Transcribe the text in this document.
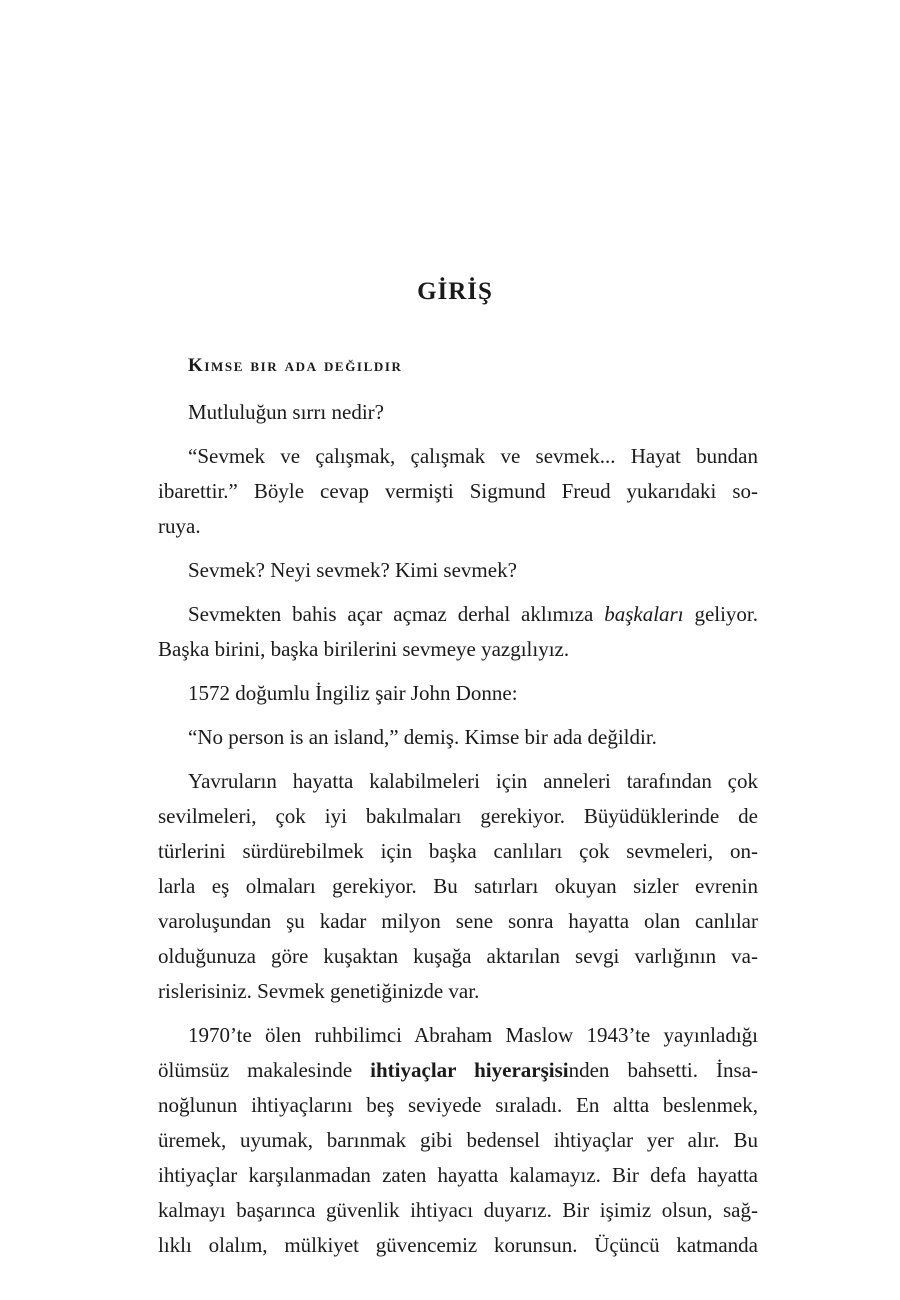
GİRİŞ
Kimse bir ada değildir
Mutluluğun sırrı nedir?
“Sevmek ve çalışmak, çalışmak ve sevmek... Hayat bundan
ibarettir.” Böyle cevap vermişti Sigmund Freud yukarıdaki so-
ruya.
Sevmek? Neyi sevmek? Kimi sevmek?
Sevmekten bahis açar açmaz derhal aklımıza başkaları geliyor.
Başka birini, başka birilerini sevmeye yazgılıyız.
1572 doğumlu İngiliz şair John Donne:
“No person is an island,” demiş. Kimse bir ada değildir.
Yavruların hayatta kalabilmeleri için anneleri tarafından çok
sevilmeleri, çok iyi bakılmaları gerekiyor. Büyüdüklerinde de
türlerini sürdürebilmek için başka canlıları çok sevmeleri, on-
larla eş olmaları gerekiyor. Bu satırları okuyan sizler evrenin
varoluşundan şu kadar milyon sene sonra hayatta olan canlılar
olduğunuza göre kuşaktan kuşağa aktarılan sevgi varlığının va-
rislerisiniz. Sevmek genetiğinizde var.
1970’te ölen ruhbilimci Abraham Maslow 1943’te yayınladığı
ölümsüz makalesinde ihtiyaçlar hiyerarşisinden bahsetti. İnsa-
noğlunun ihtiyaçlarını beş seviyede sıraladı. En altta beslenmek,
üremek, uyumak, barınmak gibi bedensel ihtiyaçlar yer alır. Bu
ihtiyaçlar karşılanmadan zaten hayatta kalamayız. Bir defa hayatta
kalmayı başarınca güvenlik ihtiyacı duyarız. Bir işimiz olsun, sağ-
lıklı olalım, mülkiyet güvencemiz korunsun. Üçüncü katmanda
